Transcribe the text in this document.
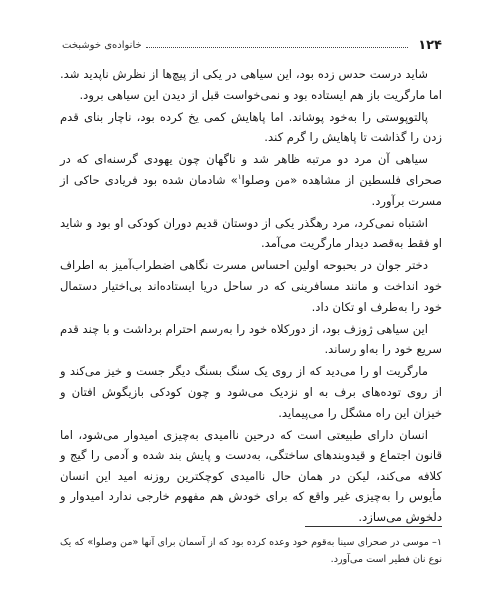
۱۲۴
خانواده‌ی خوشبخت

شاید درست حدس زده بود، این سیاهی در یکی از پیچ‌ها از نظرش ناپدید شد. اما مارگریت باز هم ایستاده بود و نمی‌خواست قبل از دیدن این سیاهی برود.

پالتوپوستی را به‌خود پوشاند. اما پاهایش کمی یخ کرده بود، ناچار بنای قدم زدن را گذاشت تا پاهایش را گرم کند.

سیاهی آن مرد دو مرتبه ظاهر شد و ناگهان چون یهودی گرسنه‌ای که در صحرای فلسطین از مشاهده «من وصلوا$^۱$» شادمان شده بود فریادی حاکی از مسرت برآورد.

اشتباه نمی‌کرد، مرد رهگذر یکی از دوستان قدیم دوران کودکی او بود و شاید او فقط به‌قصد دیدار مارگریت می‌آمد.

دختر جوان در بحبوحه اولین احساس مسرت نگاهی اضطراب‌آمیز به اطراف خود انداخت و مانند مسافرینی که در ساحل دریا ایستاده‌اند بی‌اختیار دستمال خود را به‌طرف او تکان داد.

این سیاهی ژوزف بود، از دورکلاه خود را به‌رسم احترام برداشت و با چند قدم سریع خود را به‌او رساند.

مارگریت او را می‌دید که از روی یک سنگ بسنگ دیگر جست و خیز می‌کند و از روی توده‌های برف به او نزدیک می‌شود و چون کودکی بازیگوش افتان و خیزان این راه مشگل را می‌پیماید.

انسان دارای طبیعتی است که درحین ناامیدی به‌چیزی امیدوار می‌شود، اما قانون اجتماع و قیدوبندهای ساختگی، به‌دست و پایش بند شده و آدمی را گیج و کلافه می‌کند، لیکن در همان حال ناامیدی کوچکترین روزنه امید این انسان مأیوس را به‌چیزی غیر واقع که برای خودش هم مفهوم خارجی ندارد امیدوار و دلخوش می‌سازد.

۱– موسی در صحرای سینا به‌قوم خود وعده کرده بود که از آسمان برای آنها «من وصلوا» که یک نوع نان فطیر است می‌آورد.
